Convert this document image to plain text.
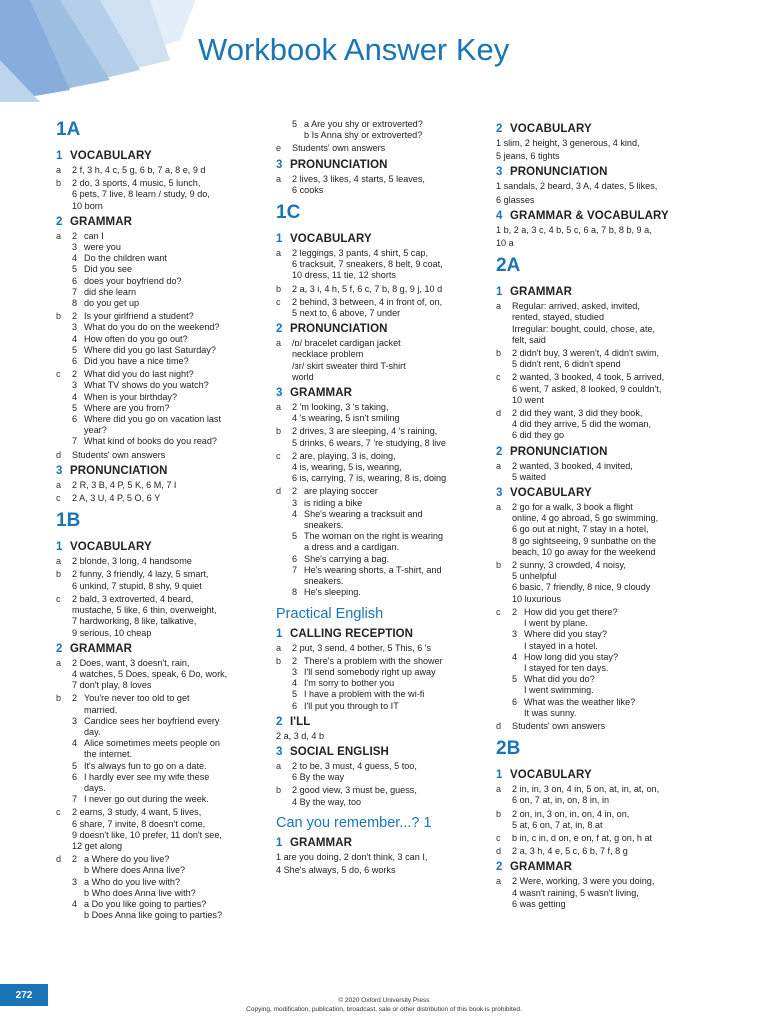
Workbook Answer Key
1A
1 VOCABULARY
a	2 f, 3 h, 4 c, 5 g, 6 b, 7 a, 8 e, 9 d
b	2 do, 3 sports, 4 music, 5 lunch,
6 pets, 7 live, 8 learn / study, 9 do,
10 born
2 GRAMMAR
a	2 can I
3 were you
4 Do the children want
5 Did you see
6 does your boyfriend do?
7 did she learn
8 do you get up
b	2 Is your girlfriend a student?
3 What do you do on the weekend?
4 How often do you go out?
5 Where did you go last Saturday?
6 Did you have a nice time?
c	2 What did you do last night?
3 What TV shows do you watch?
4 When is your birthday?
5 Where are you from?
6 Where did you go on vacation last
year?
7 What kind of books do you read?
d	Students' own answers
3 PRONUNCIATION
a	2 R, 3 B, 4 P, 5 K, 6 M, 7 I
c	2 A, 3 U, 4 P, 5 O, 6 Y
1B
1 VOCABULARY
a	2 blonde, 3 long, 4 handsome
b	2 funny, 3 friendly, 4 lazy, 5 smart,
6 unkind, 7 stupid, 8 shy, 9 quiet
c	2 bald, 3 extroverted, 4 beard,
mustache, 5 like, 6 thin, overweight,
7 hardworking, 8 like, talkative,
9 serious, 10 cheap
2 GRAMMAR
a	2 Does, want, 3 doesn't, rain,
4 watches, 5 Does, speak, 6 Do, work,
7 don't play, 8 loves
b	2 You're never too old to get
married.
3 Candice sees her boyfriend every
day.
4 Alice sometimes meets people on
the internet.
5 It's always fun to go on a date.
6 I hardly ever see my wife these
days.
7 I never go out during the week.
c	2 earns, 3 study, 4 want, 5 lives,
6 share, 7 invite, 8 doesn't come,
9 doesn't like, 10 prefer, 11 don't see,
12 get along
d	2 a Where do you live?
b Where does Anna live?
3 a Who do you live with?
b Who does Anna live with?
4 a Do you like going to parties?
b Does Anna like going to parties?
5 a Are you shy or extroverted?
b Is Anna shy or extroverted?
e	Students' own answers
3 PRONUNCIATION
a	2 lives, 3 likes, 4 starts, 5 leaves,
6 cooks
1C
1 VOCABULARY
a	2 leggings, 3 pants, 4 shirt, 5 cap,
6 tracksuit, 7 sneakers, 8 belt, 9 coat,
10 dress, 11 tie, 12 shorts
b	2 a, 3 i, 4 h, 5 f, 6 c, 7 b, 8 g, 9 j, 10 d
c	2 behind, 3 between, 4 in front of, on,
5 next to, 6 above, 7 under
2 PRONUNCIATION
a	/ɒ/ bracelet cardigan jacket
necklace problem
/ɜr/ skirt sweater third T-shirt
world
3 GRAMMAR
a	2 'm looking, 3 's taking,
4 's wearing, 5 isn't smiling
b	2 drives, 3 are sleeping, 4 's raining,
5 drinks, 6 wears, 7 're studying, 8 live
c	2 are, playing, 3 is, doing,
4 is, wearing, 5 is, wearing,
6 is, carrying, 7 is, wearing, 8 is, doing
d	2 are playing soccer
3 is riding a bike
4 She's wearing a tracksuit and
sneakers.
5 The woman on the right is wearing
a dress and a cardigan.
6 She's carrying a bag.
7 He's wearing shorts, a T-shirt, and
sneakers.
8 He's sleeping.
Practical English
1 CALLING RECEPTION
a	2 put, 3 send, 4 bother, 5 This, 6 's
b	2 There's a problem with the shower
3 I'll send somebody right up away
4 I'm sorry to bother you
5 I have a problem with the wi-fi
6 I'll put you through to IT
2 I'LL
2 a, 3 d, 4 b
3 SOCIAL ENGLISH
a	2 to be, 3 must, 4 guess, 5 too,
6 By the way
b	2 good view, 3 must be, guess,
4 By the way, too
Can you remember...? 1
1 GRAMMAR
1 are you doing, 2 don't think, 3 can I,
4 She's always, 5 do, 6 works
2 VOCABULARY
1 slim, 2 height, 3 generous, 4 kind,
5 jeans, 6 tights
3 PRONUNCIATION
1 sandals, 2 beard, 3 A, 4 dates, 5 likes,
6 glasses
4 GRAMMAR & VOCABULARY
1 b, 2 a, 3 c, 4 b, 5 c, 6 a, 7 b, 8 b, 9 a,
10 a
2A
1 GRAMMAR
a	Regular: arrived, asked, invited,
rented, stayed, studied
Irregular: bought, could, chose, ate,
felt, said
b	2 didn't buy, 3 weren't, 4 didn't swim,
5 didn't rent, 6 didn't spend
c	2 wanted, 3 booked, 4 took, 5 arrived,
6 went, 7 asked, 8 looked, 9 couldn't,
10 went
d	2 did they want, 3 did they book,
4 did they arrive, 5 did the woman,
6 did they go
2 PRONUNCIATION
a	2 wanted, 3 booked, 4 invited,
5 waited
3 VOCABULARY
a	2 go for a walk, 3 book a flight
online, 4 go abroad, 5 go swimming,
6 go out at night, 7 stay in a hotel,
8 go sightseeing, 9 sunbathe on the
beach, 10 go away for the weekend
b	2 sunny, 3 crowded, 4 noisy,
5 unhelpful
6 basic, 7 friendly, 8 nice, 9 cloudy
10 luxurious
c	2 How did you get there?
I went by plane.
3 Where did you stay?
I stayed in a hotel.
4 How long did you stay?
I stayed for ten days.
5 What did you do?
I went swimming.
6 What was the weather like?
It was sunny.
d	Students' own answers
2B
1 VOCABULARY
a	2 in, in, 3 on, 4 in, 5 on, at, in, at, on,
6 on, 7 at, in, on, 8 in, in
b	2 on, in, 3 on, in, on, 4 in, on,
5 at, 6 on, 7 at, in, 8 at
c	b in, c in, d on, e on, f at, g on, h at
d	2 a, 3 h, 4 e, 5 c, 6 b, 7 f, 8 g
2 GRAMMAR
a	2 Were, working, 3 were you doing,
4 wasn't raining, 5 wasn't living,
6 was getting
272	© 2020 Oxford University Press
Copying, modification, publication, broadcast, sale or other distribution of this book is prohibited.
